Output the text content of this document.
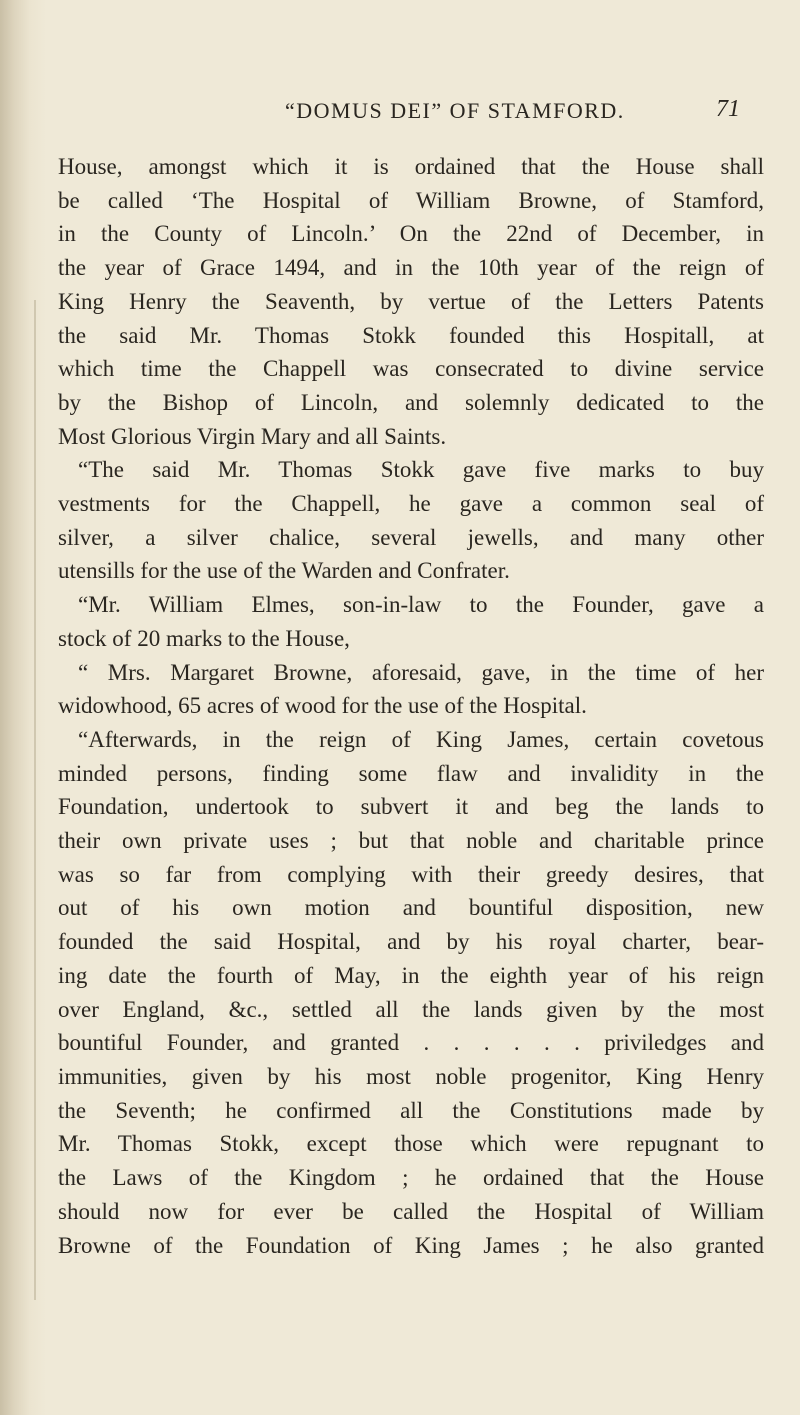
“DOMUS DEI” OF STAMFORD.	71

House, amongst which it is ordained that the House shall

be called ‘The Hospital of William Browne, of Stamford,

in the County of Lincoln.’ On the 22nd of December, in

the year of Grace 1494, and in the 10th year of the reign of

King Henry the Seaventh, by vertue of the Letters Patents

the said Mr. Thomas Stokk founded this Hospitall, at

which time the Chappell was consecrated to divine service

by the Bishop of Lincoln, and solemnly dedicated to the

Most Glorious Virgin Mary and all Saints.

“The said Mr. Thomas Stokk gave five marks to buy

vestments for the Chappell, he gave a common seal of

silver, a silver chalice, several jewells, and many other

utensills for the use of the Warden and Confrater.

“Mr. William Elmes, son-in-law to the Founder, gave a

stock of 20 marks to the House,

“ Mrs. Margaret Browne, aforesaid, gave, in the time of her

widowhood, 65 acres of wood for the use of the Hospital.

“Afterwards, in the reign of King James, certain covetous

minded persons, finding some flaw and invalidity in the

Foundation, undertook to subvert it and beg the lands to

their own private uses ; but that noble and charitable prince

was so far from complying with their greedy desires, that

out of his own motion and bountiful disposition, new

founded the said Hospital, and by his royal charter, bear-

ing date the fourth of May, in the eighth year of his reign

over England, &c., settled all the lands given by the most

bountiful Founder, and granted . . . . . . priviledges and

immunities, given by his most noble progenitor, King Henry

the Seventh; he confirmed all the Constitutions made by

Mr. Thomas Stokk, except those which were repugnant to

the Laws of the Kingdom ; he ordained that the House

should now for ever be called the Hospital of William

Browne of the Foundation of King James ; he also granted
